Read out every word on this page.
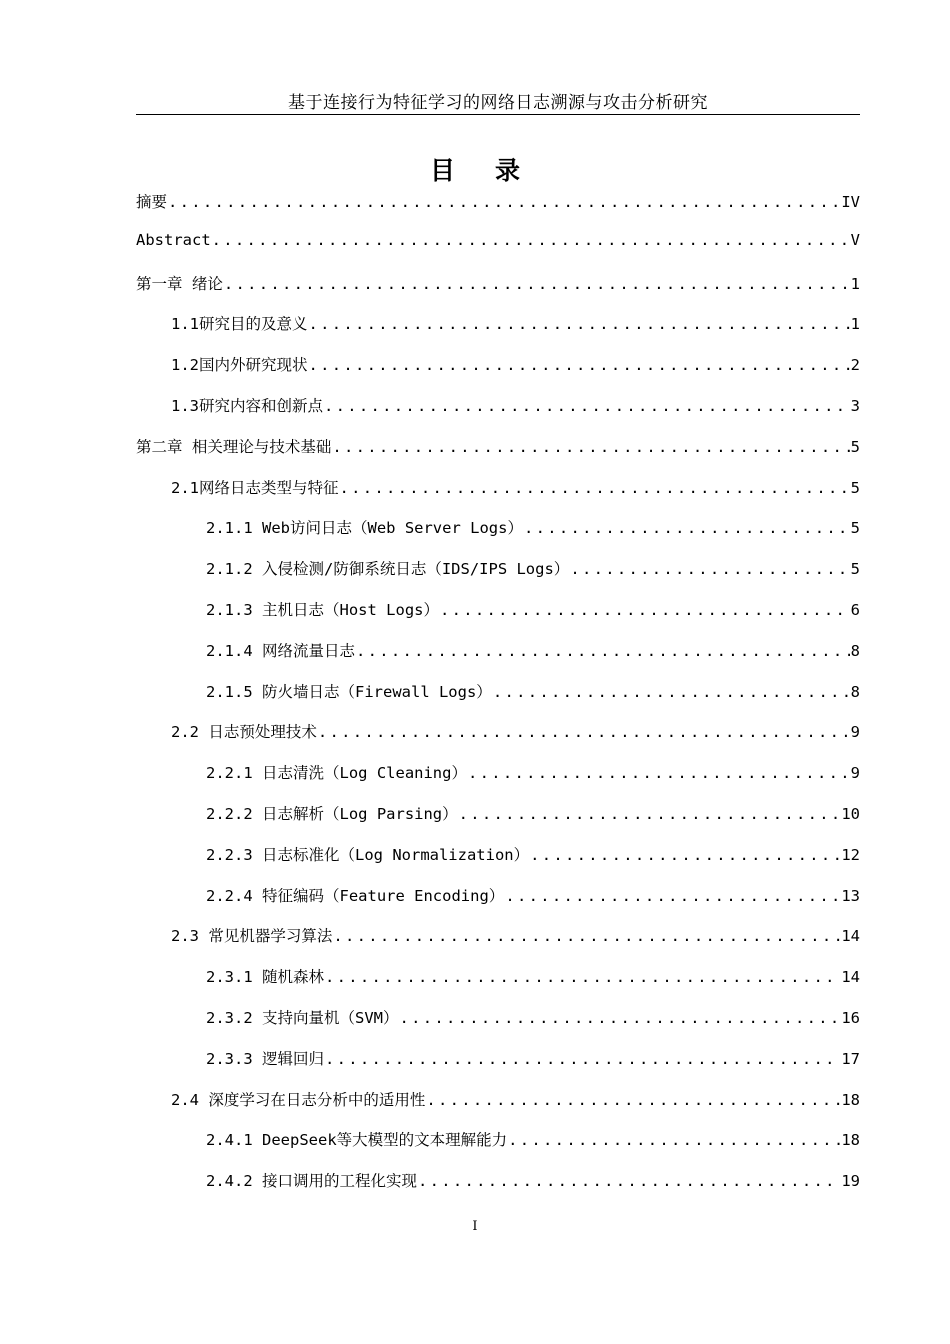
基于连接行为特征学习的网络日志溯源与攻击分析研究
目录
摘要 .....	IV
Abstract .....	V
第一章 绪论 .....	1
1.1研究目的及意义 .....	1
1.2国内外研究现状 .....	2
1.3研究内容和创新点 .....	3
第二章 相关理论与技术基础 .....	5
2.1网络日志类型与特征 .....	5
2.1.1 Web访问日志（Web Server Logs） .....	5
2.1.2 入侵检测/防御系统日志（IDS/IPS Logs） .....	5
2.1.3 主机日志（Host Logs） .....	6
2.1.4 网络流量日志 .....	8
2.1.5 防火墙日志（Firewall Logs） .....	8
2.2 日志预处理技术 .....	9
2.2.1 日志清洗（Log Cleaning） .....	9
2.2.2 日志解析（Log Parsing） .....	10
2.2.3 日志标准化（Log Normalization） .....	12
2.2.4 特征编码（Feature Encoding） .....	13
2.3 常见机器学习算法 .....	14
2.3.1 随机森林 .....	14
2.3.2 支持向量机（SVM） .....	16
2.3.3 逻辑回归 .....	17
2.4 深度学习在日志分析中的适用性 .....	18
2.4.1 DeepSeek等大模型的文本理解能力 .....	18
2.4.2 接口调用的工程化实现 .....	19
I
